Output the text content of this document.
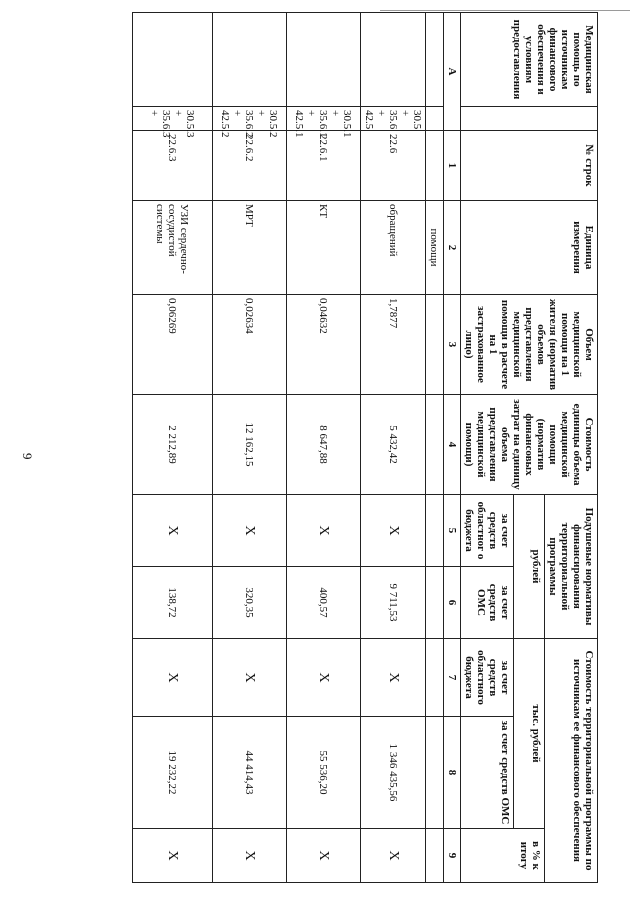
9
Медицинская помощь по источникам финансового обеспечения и условиям предоставления		№ строк	Единица измерения	Объем медицинской помощи на 1 жителя (норматив объемов представления медицинской помощи в расчете на 1 застрахованное лицо)	Стоимость единицы объема медицинской помощи (норматив финансовых затрат на единицу объема представления медицинской помощи)	Подушевые нормативы финансирования территориальной программы		Стоимость территориальной программы по источникам ее финансового обеспечения		
						рублей		тыс. рублей		в % к итогу
						за счет средств областног о бюджета	за счет средств ОМС	за счет средств областного бюджета	за счет средств ОМС	
A		1	2	3	4	5	6	7	8	9
			помощи							
	30.5 + 35.6 + 42.5	22.6	обращений	1,7877	5 432,42	Х	9 711,53	Х	1 346 435,56	Х
	30.5.1 + 35.6.1 + 42.5.1	22.6.1	КТ	0,04632	8 647,88	Х	400,57	Х	55 536,20	Х
	30.5.2 + 35.6.2 + 42.5.2	22.6.2	МРТ	0,02634	12 162,15	Х	320,35	Х	44 414,43	Х
	30.5.3 + 35.6.3 +	22.6.3	УЗИ сердечно-сосудистой системы	0,06269	2 212,89	Х	138,72	Х	19 232,22	Х
